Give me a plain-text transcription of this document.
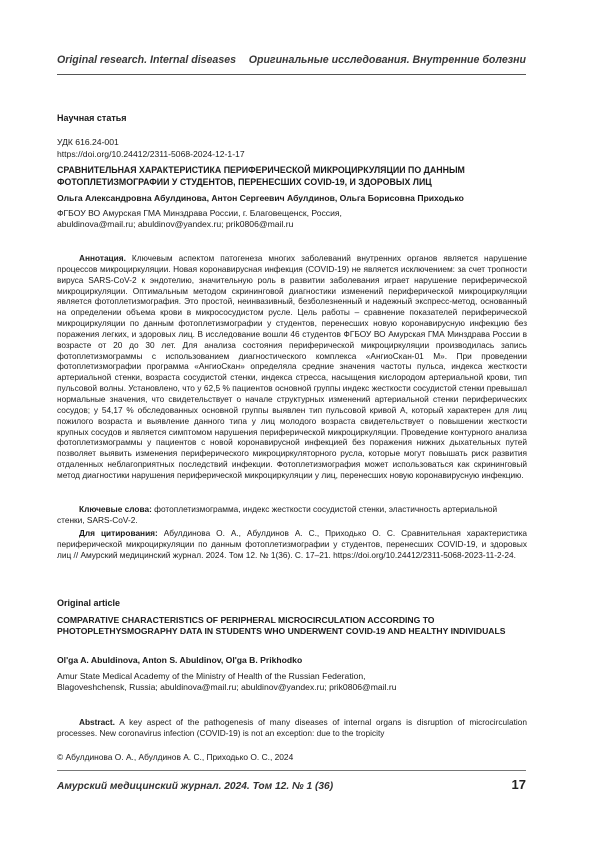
Original research. Internal diseases Оригинальные исследования. Внутренние болезни
Научная статья
УДК 616.24-001
https://doi.org/10.24412/2311-5068-2024-12-1-17
СРАВНИТЕЛЬНАЯ ХАРАКТЕРИСТИКА ПЕРИФЕРИЧЕСКОЙ МИКРОЦИРКУЛЯЦИИ ПО ДАННЫМ ФОТОПЛЕТИЗМОГРАФИИ У СТУДЕНТОВ, ПЕРЕНЕСШИХ COVID-19, И ЗДОРОВЫХ ЛИЦ
Ольга Александровна Абулдинова, Антон Сергеевич Абулдинов, Ольга Борисовна Приходько
ФГБОУ ВО Амурская ГМА Минздрава России, г. Благовещенск, Россия,
abuldinova@mail.ru; abuldinov@yandex.ru; prik0806@mail.ru

Аннотация. Ключевым аспектом патогенеза многих заболеваний внутренних органов является нарушение процессов микроциркуляции. Новая коронавирусная инфекция (COVID-19) не является исключением: за счет тропности вируса SARS-CoV-2 к эндотелию, значительную роль в развитии заболевания играет нарушение периферической микроциркуляции. Оптимальным методом скрининговой диагностики изменений периферической микроциркуляции является фотоплетизмография. Это простой, неинвазивный, безболезненный и надежный экспресс-метод, основанный на определении объема крови в микрососудистом русле. Цель работы – сравнение показателей периферической микроциркуляции по данным фотоплетизмографии у студентов, перенесших новую коронавирусную инфекцию без поражения легких, и здоровых лиц. В исследование вошли 46 студентов ФГБОУ ВО Амурская ГМА Минздрава России в возрасте от 20 до 30 лет. Для анализа состояния периферической микроциркуляции производилась запись фотоплетизмограммы с использованием диагностического комплекса «АнгиоСкан-01 М». При проведении фотоплетизмографии программа «АнгиоСкан» определяла средние значения частоты пульса, индекса жесткости артериальной стенки, возраста сосудистой стенки, индекса стресса, насыщения кислородом артериальной крови, тип пульсовой волны. Установлено, что у 62,5 % пациентов основной группы индекс жесткости сосудистой стенки превышал нормальные значения, что свидетельствует о начале структурных изменений артериальной стенки периферических сосудов; у 54,17 % обследованных основной группы выявлен тип пульсовой кривой А, который характерен для лиц пожилого возраста и выявление данного типа у лиц молодого возраста свидетельствует о повышении жесткости крупных сосудов и является симптомом нарушения периферической микроциркуляции. Проведение контурного анализа фотоплетизмограммы у пациентов с новой коронавирусной инфекцией без поражения нижних дыхательных путей позволяет выявить изменения периферического микроциркуляторного русла, которые могут повышать риск развития отдаленных неблагоприятных последствий инфекции. Фотоплетизмография может использоваться как скрининговый метод диагностики нарушения периферической микроциркуляции у лиц, перенесших новую коронавирусную инфекцию.

Ключевые слова: фотоплетизмограмма, индекс жесткости сосудистой стенки, эластичность артериальной стенки, SARS-CoV-2.

Для цитирования: Абулдинова О. А., Абулдинов А. С., Приходько О. С. Сравнительная характеристика периферической микроциркуляции по данным фотоплетизмографии у студентов, перенесших COVID-19, и здоровых лиц // Амурский медицинский журнал. 2024. Том 12. № 1(36). С. 17–21. https://doi.org/10.24412/2311-5068-2023-11-2-24.

Original article
COMPARATIVE CHARACTERISTICS OF PERIPHERAL MICROCIRCULATION ACCORDING TO PHOTOPLETHYSMOGRAPHY DATA IN STUDENTS WHO UNDERWENT COVID-19 AND HEALTHY INDIVIDUALS
Ol'ga A. Abuldinova, Anton S. Abuldinov, Ol'ga B. Prikhodko
Amur State Medical Academy of the Ministry of Health of the Russian Federation,
Blagoveshchensk, Russia; abuldinova@mail.ru; abuldinov@yandex.ru; prik0806@mail.ru

Abstract. A key aspect of the pathogenesis of many diseases of internal organs is disruption of microcirculation processes. New coronavirus infection (COVID-19) is not an exception: due to the tropicity

© Абулдинова О. А., Абулдинов А. С., Приходько О. С., 2024
Амурский медицинский журнал. 2024. Том 12. № 1 (36)	17
